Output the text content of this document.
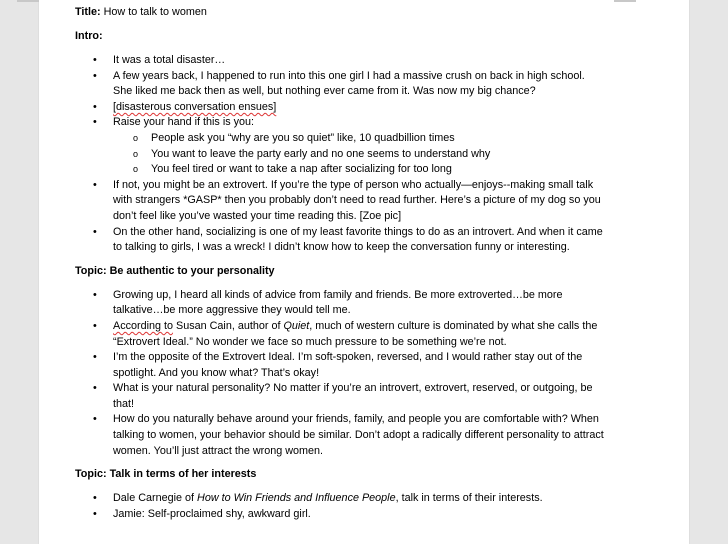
Title: How to talk to women

Intro:

• It was a total disaster…
• A few years back, I happened to run into this one girl I had a massive crush on back in high school. She liked me back then as well, but nothing ever came from it. Was now my big chance?
• [disasterous conversation ensues]
• Raise your hand if this is you:
o People ask you “why are you so quiet” like, 10 quadbillion times
o You want to leave the party early and no one seems to understand why
o You feel tired or want to take a nap after socializing for too long
• If not, you might be an extrovert. If you’re the type of person who actually—enjoys--making small talk with strangers *GASP* then you probably don’t need to read further. Here’s a picture of my dog so you don’t feel like you’ve wasted your time reading this. [Zoe pic]
• On the other hand, socializing is one of my least favorite things to do as an introvert. And when it came to talking to girls, I was a wreck! I didn’t know how to keep the conversation funny or interesting.

Topic: Be authentic to your personality

• Growing up, I heard all kinds of advice from family and friends. Be more extroverted…be more talkative…be more aggressive they would tell me.
• According to Susan Cain, author of Quiet, much of western culture is dominated by what she calls the “Extrovert Ideal.” No wonder we face so much pressure to be something we’re not.
• I’m the opposite of the Extrovert Ideal. I’m soft-spoken, reversed, and I would rather stay out of the spotlight. And you know what? That’s okay!
• What is your natural personality? No matter if you’re an introvert, extrovert, reserved, or outgoing, be that!
• How do you naturally behave around your friends, family, and people you are comfortable with? When talking to women, your behavior should be similar. Don’t adopt a radically different personality to attract women. You’ll just attract the wrong women.

Topic: Talk in terms of her interests

• Dale Carnegie of How to Win Friends and Influence People, talk in terms of their interests.
• Jamie: Self-proclaimed shy, awkward girl.
